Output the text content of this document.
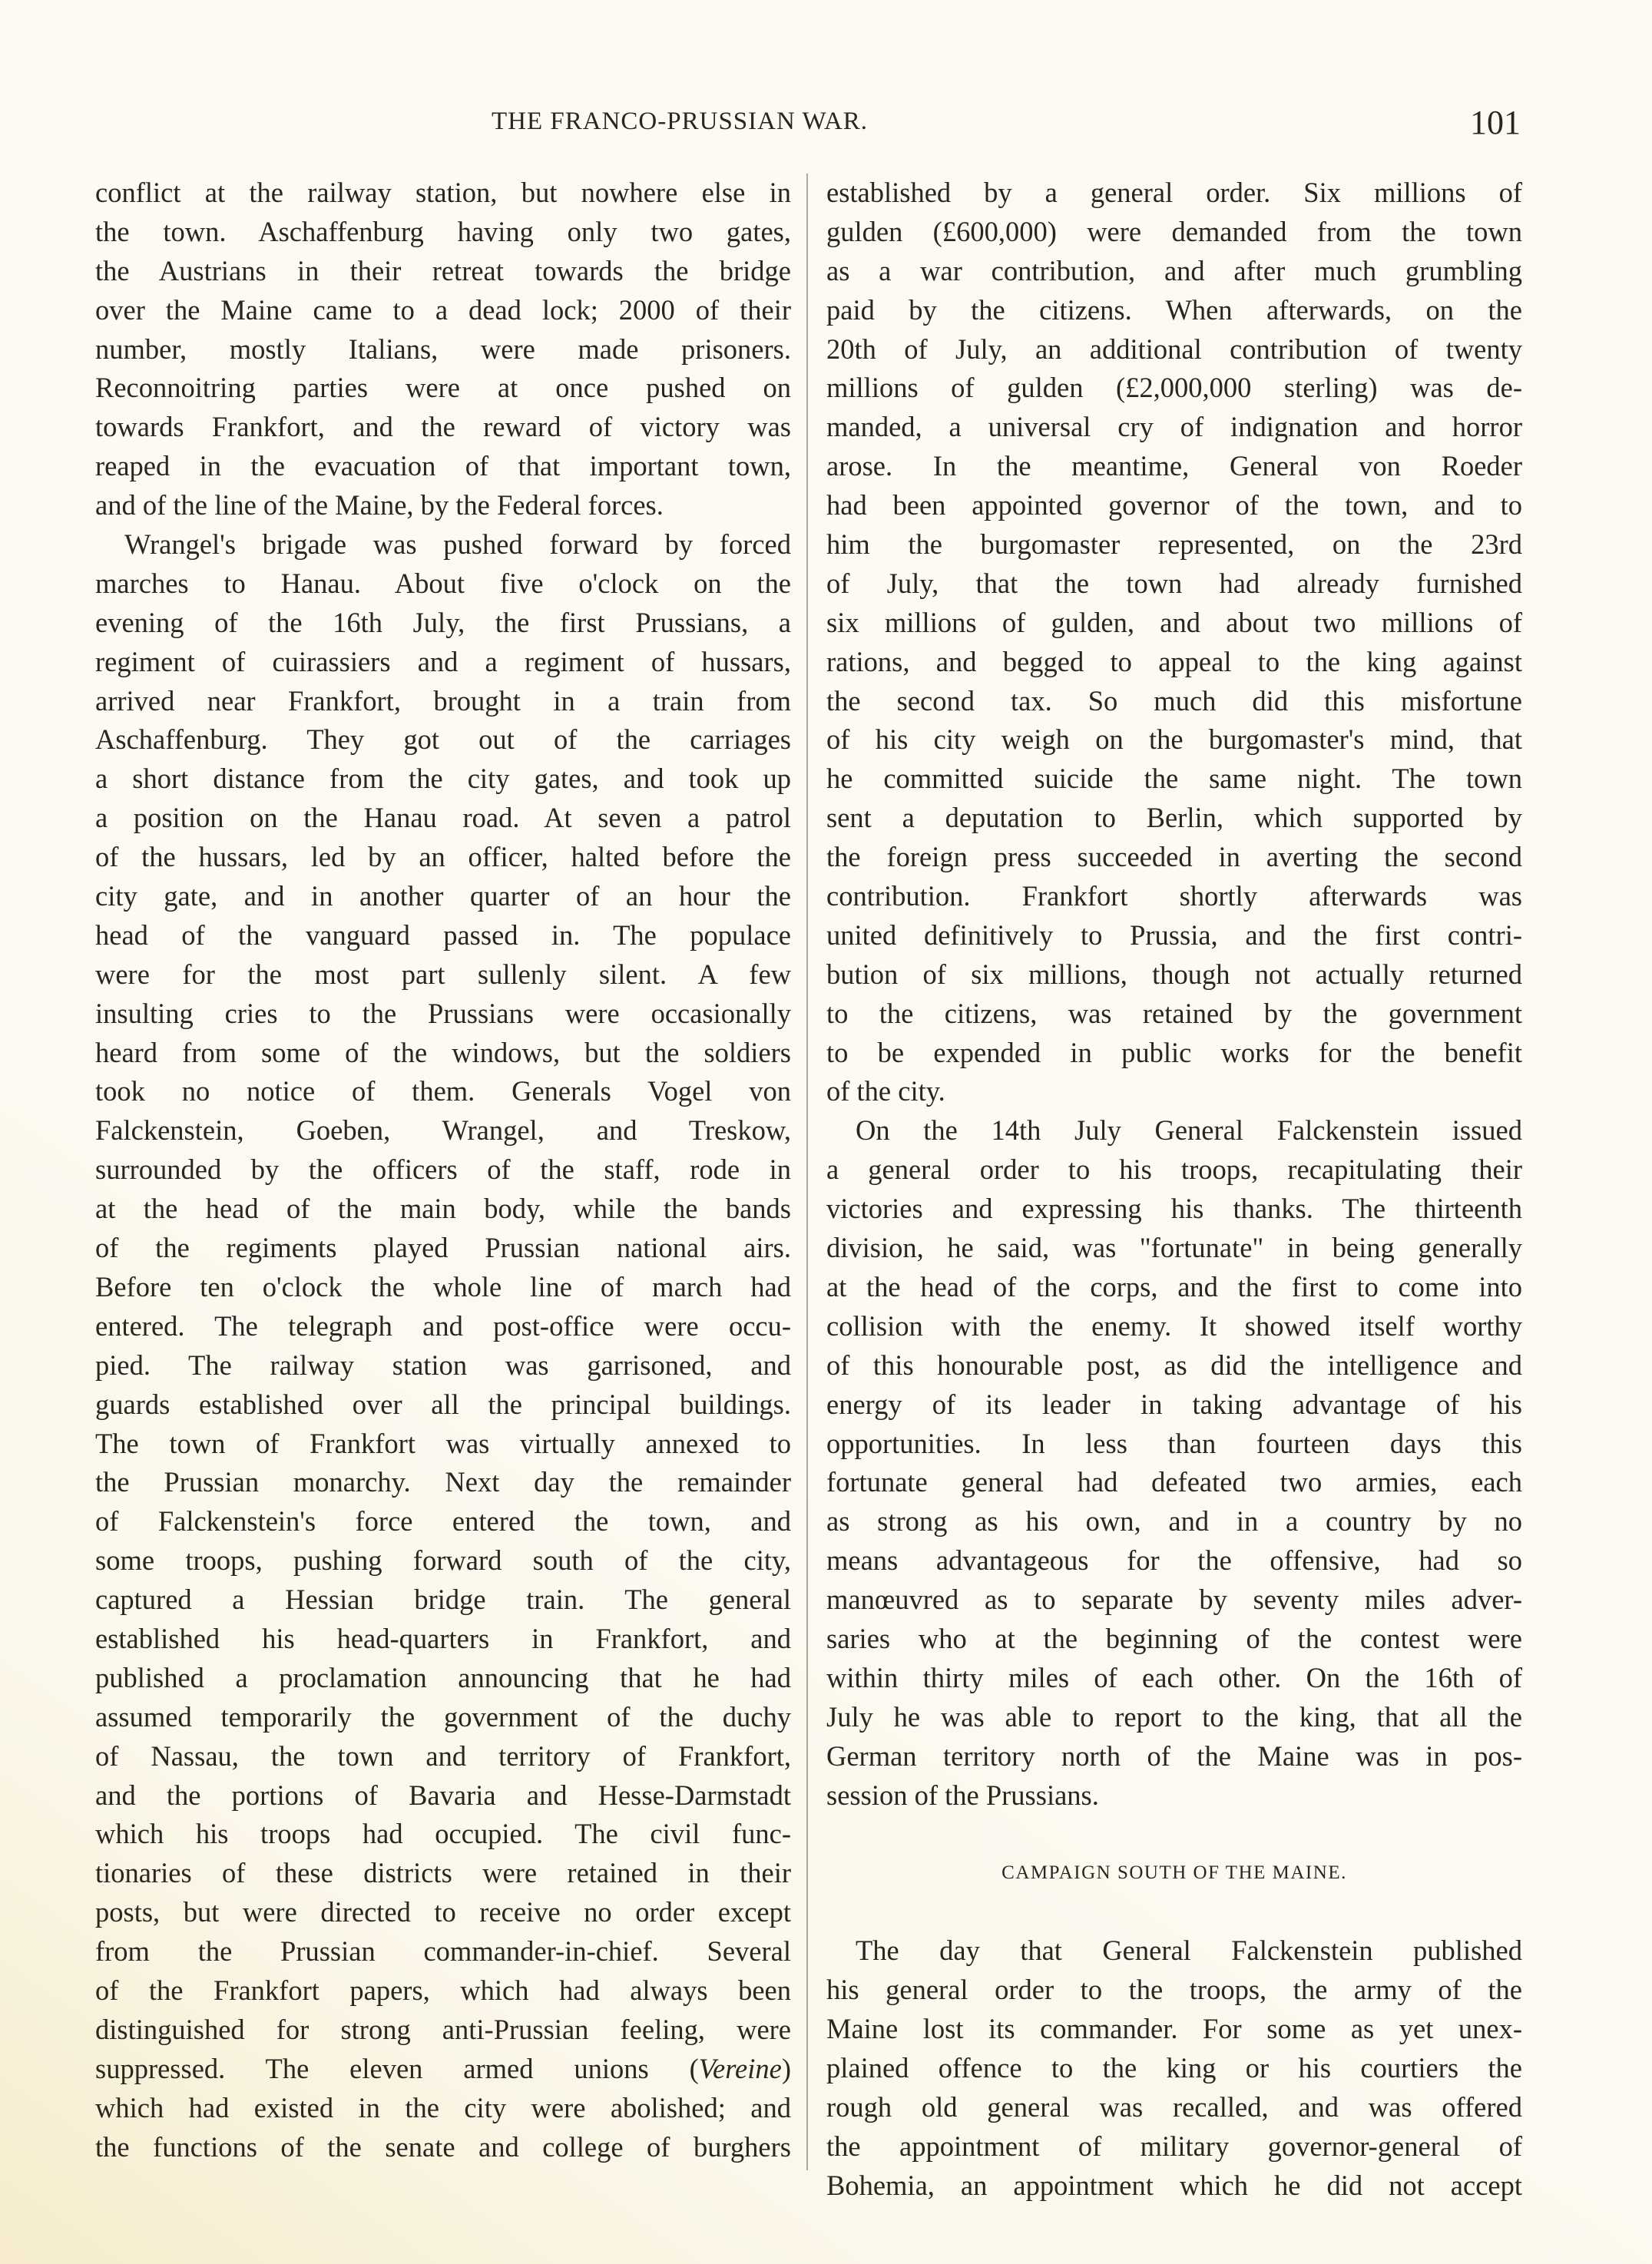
THE FRANCO-PRUSSIAN WAR.	101
conflict at the railway station, but nowhere else in
the town. Aschaffenburg having only two gates,
the Austrians in their retreat towards the bridge
over the Maine came to a dead lock; 2000 of their
number, mostly Italians, were made prisoners.
Reconnoitring parties were at once pushed on
towards Frankfort, and the reward of victory was
reaped in the evacuation of that important town,
and of the line of the Maine, by the Federal forces.
Wrangel's brigade was pushed forward by forced
marches to Hanau. About five o'clock on the
evening of the 16th July, the first Prussians, a
regiment of cuirassiers and a regiment of hussars,
arrived near Frankfort, brought in a train from
Aschaffenburg. They got out of the carriages
a short distance from the city gates, and took up
a position on the Hanau road. At seven a patrol
of the hussars, led by an officer, halted before the
city gate, and in another quarter of an hour the
head of the vanguard passed in. The populace
were for the most part sullenly silent. A few
insulting cries to the Prussians were occasionally
heard from some of the windows, but the soldiers
took no notice of them. Generals Vogel von
Falckenstein, Goeben, Wrangel, and Treskow,
surrounded by the officers of the staff, rode in
at the head of the main body, while the bands
of the regiments played Prussian national airs.
Before ten o'clock the whole line of march had
entered. The telegraph and post-office were occu-
pied. The railway station was garrisoned, and
guards established over all the principal buildings.
The town of Frankfort was virtually annexed to
the Prussian monarchy. Next day the remainder
of Falckenstein's force entered the town, and
some troops, pushing forward south of the city,
captured a Hessian bridge train. The general
established his head-quarters in Frankfort, and
published a proclamation announcing that he had
assumed temporarily the government of the duchy
of Nassau, the town and territory of Frankfort,
and the portions of Bavaria and Hesse-Darmstadt
which his troops had occupied. The civil func-
tionaries of these districts were retained in their
posts, but were directed to receive no order except
from the Prussian commander-in-chief. Several
of the Frankfort papers, which had always been
distinguished for strong anti-Prussian feeling, were
suppressed. The eleven armed unions (Vereine)
which had existed in the city were abolished; and
the functions of the senate and college of burghers
established by a general order. Six millions of
gulden (£600,000) were demanded from the town
as a war contribution, and after much grumbling
paid by the citizens. When afterwards, on the
20th of July, an additional contribution of twenty
millions of gulden (£2,000,000 sterling) was de-
manded, a universal cry of indignation and horror
arose. In the meantime, General von Roeder
had been appointed governor of the town, and to
him the burgomaster represented, on the 23rd
of July, that the town had already furnished
six millions of gulden, and about two millions of
rations, and begged to appeal to the king against
the second tax. So much did this misfortune
of his city weigh on the burgomaster's mind, that
he committed suicide the same night. The town
sent a deputation to Berlin, which supported by
the foreign press succeeded in averting the second
contribution. Frankfort shortly afterwards was
united definitively to Prussia, and the first contri-
bution of six millions, though not actually returned
to the citizens, was retained by the government
to be expended in public works for the benefit
of the city.
On the 14th July General Falckenstein issued
a general order to his troops, recapitulating their
victories and expressing his thanks. The thirteenth
division, he said, was "fortunate" in being generally
at the head of the corps, and the first to come into
collision with the enemy. It showed itself worthy
of this honourable post, as did the intelligence and
energy of its leader in taking advantage of his
opportunities. In less than fourteen days this
fortunate general had defeated two armies, each
as strong as his own, and in a country by no
means advantageous for the offensive, had so
manœuvred as to separate by seventy miles adver-
saries who at the beginning of the contest were
within thirty miles of each other. On the 16th of
July he was able to report to the king, that all the
German territory north of the Maine was in pos-
session of the Prussians.
CAMPAIGN SOUTH OF THE MAINE.
The day that General Falckenstein published
his general order to the troops, the army of the
Maine lost its commander. For some as yet unex-
plained offence to the king or his courtiers the
rough old general was recalled, and was offered
the appointment of military governor-general of
Bohemia, an appointment which he did not accept
